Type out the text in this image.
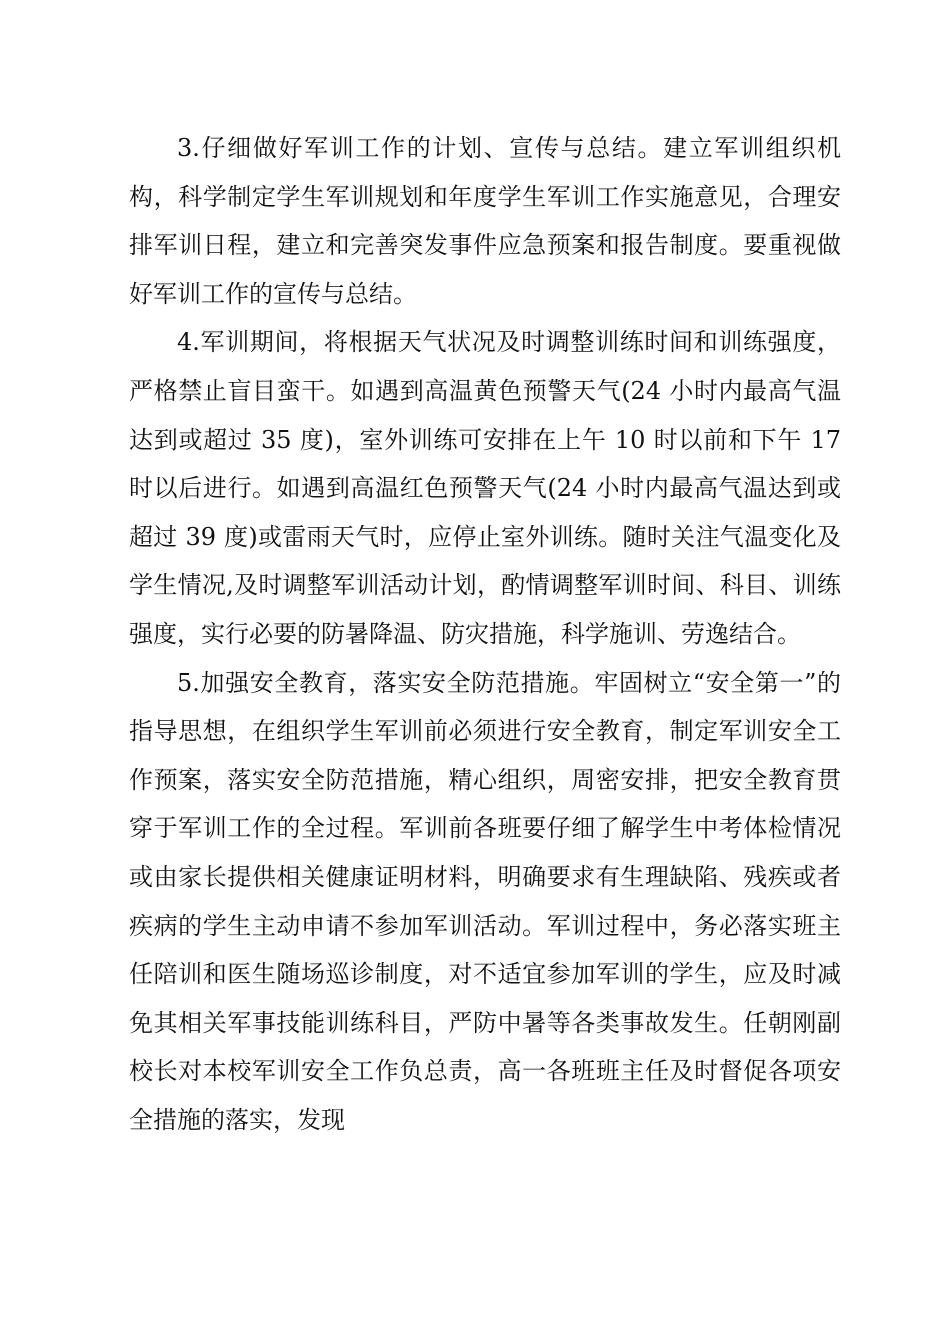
3.仔细做好军训工作的计划、宣传与总结。建立军训组织机构，科学制定学生军训规划和年度学生军训工作实施意见，合理安排军训日程，建立和完善突发事件应急预案和报告制度。要重视做好军训工作的宣传与总结。

4.军训期间，将根据天气状况及时调整训练时间和训练强度，严格禁止盲目蛮干。如遇到高温黄色预警天气(24 小时内最高气温达到或超过 35 度)，室外训练可安排在上午 10 时以前和下午 17 时以后进行。如遇到高温红色预警天气(24 小时内最高气温达到或超过 39 度)或雷雨天气时，应停止室外训练。随时关注气温变化及学生情况,及时调整军训活动计划，酌情调整军训时间、科目、训练强度，实行必要的防暑降温、防灾措施，科学施训、劳逸结合。

5.加强安全教育，落实安全防范措施。牢固树立“安全第一”的指导思想，在组织学生军训前必须进行安全教育，制定军训安全工作预案，落实安全防范措施，精心组织，周密安排，把安全教育贯穿于军训工作的全过程。军训前各班要仔细了解学生中考体检情况或由家长提供相关健康证明材料，明确要求有生理缺陷、残疾或者疾病的学生主动申请不参加军训活动。军训过程中，务必落实班主任陪训和医生随场巡诊制度，对不适宜参加军训的学生，应及时减免其相关军事技能训练科目，严防中暑等各类事故发生。任朝刚副校长对本校军训安全工作负总责，高一各班班主任及时督促各项安全措施的落实，发现
